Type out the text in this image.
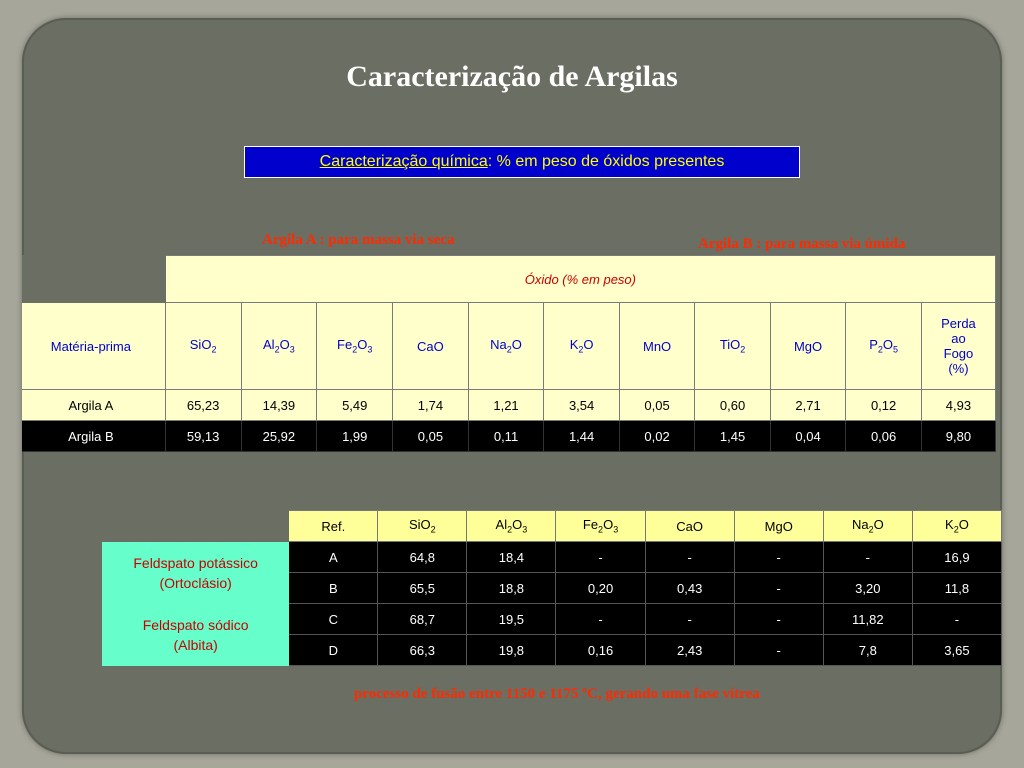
Caracterização de Argilas
Caracterização química: % em peso de óxidos presentes
Argila A : para massa via seca	Argila B : para massa via úmida
	Óxido (% em peso)										
Matéria-prima	SiO$_2$	$Al_2O_3$	$Fe_2O_3$	CaO	$Na_2O$	$K_2O$	MnO	TiO$_2$	MgO	$P_2O_5$	Perda
ao
Fogo
(%)

Argila A	65,23	14,39	5,49	1,74	1,21	3,54	0,05	0,60	2,71	0,12	4,93
Argila B	59,13	25,92	1,99	0,05	0,11	1,44	0,02	1,45	0,04	0,06	9,80
	Ref.	SiO$_2$	$Al_2O_3$	$Fe_2O_3$	CaO	MgO	$Na_2O$	$K_2O$

Feldspato potássico
(Ortoclásio)	A	64,8	18,4	-	-	-	-	16,9
	B	65,5	18,8	0,20	0,43	-	3,20	11,8

Feldspato sódico
(Albita)	C	68,7	19,5	-	-	-	11,82	-
	D	66,3	19,8	0,16	2,43	-	7,8	3,65
processo de fusão entre 1150 e 1175 ºC, gerando uma fase vítrea
